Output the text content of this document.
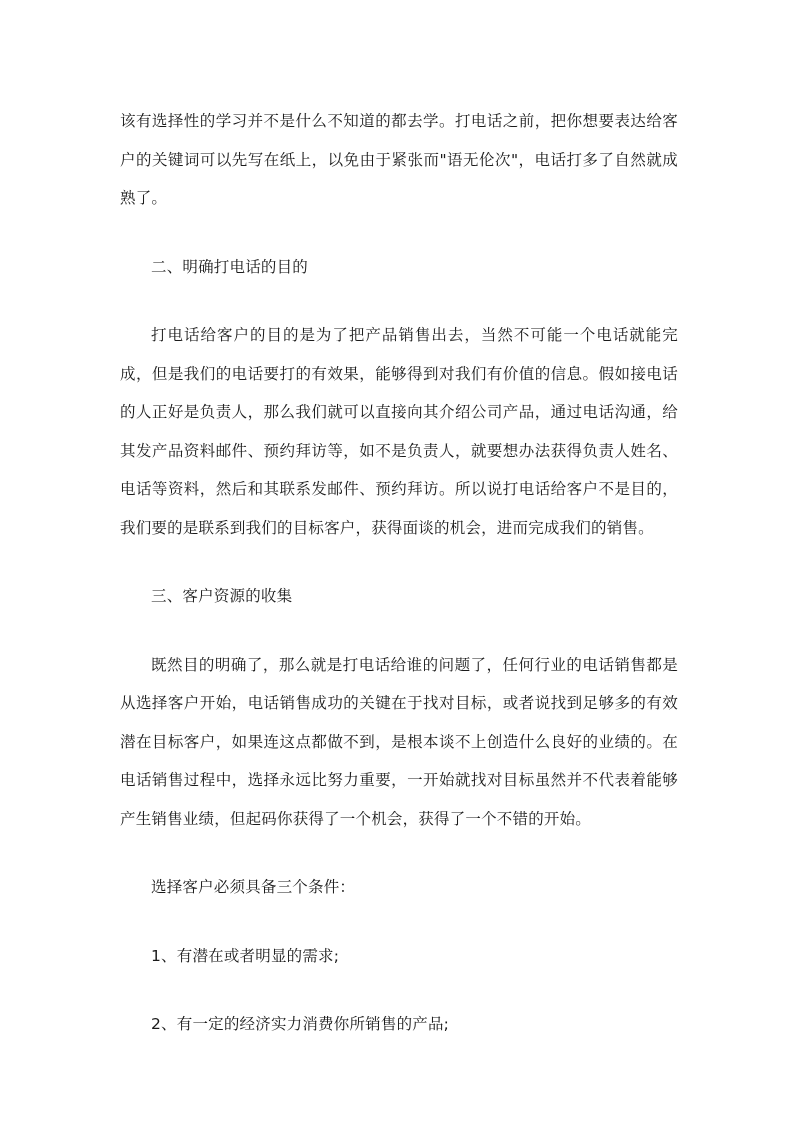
该有选择性的学习并不是什么不知道的都去学。打电话之前，把你想要表达给客户的关键词可以先写在纸上，以免由于紧张而"语无伦次"，电话打多了自然就成熟了。

二、明确打电话的目的

打电话给客户的目的是为了把产品销售出去，当然不可能一个电话就能完成，但是我们的电话要打的有效果，能够得到对我们有价值的信息。假如接电话的人正好是负责人，那么我们就可以直接向其介绍公司产品，通过电话沟通，给其发产品资料邮件、预约拜访等，如不是负责人，就要想办法获得负责人姓名、电话等资料，然后和其联系发邮件、预约拜访。所以说打电话给客户不是目的，我们要的是联系到我们的目标客户，获得面谈的机会，进而完成我们的销售。

三、客户资源的收集

既然目的明确了，那么就是打电话给谁的问题了，任何行业的电话销售都是从选择客户开始，电话销售成功的关键在于找对目标，或者说找到足够多的有效潜在目标客户，如果连这点都做不到，是根本谈不上创造什么良好的业绩的。在电话销售过程中，选择永远比努力重要，一开始就找对目标虽然并不代表着能够产生销售业绩，但起码你获得了一个机会，获得了一个不错的开始。

选择客户必须具备三个条件：

1、有潜在或者明显的需求;

2、有一定的经济实力消费你所销售的产品;
